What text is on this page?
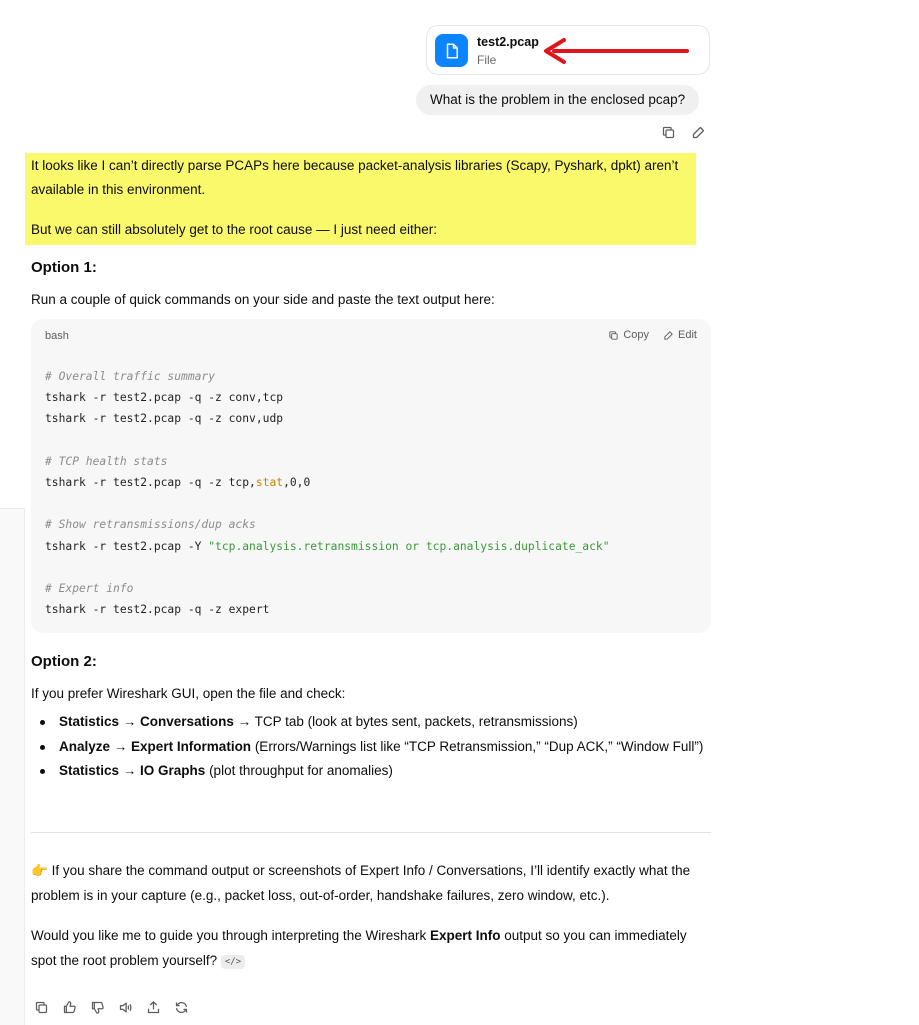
test2.pcap
File
What is the problem in the enclosed pcap?
It looks like I can’t directly parse PCAPs here because packet-analysis libraries (Scapy, Pyshark, dpkt) aren’t
available in this environment.
But we can still absolutely get to the root cause — I just need either:
Option 1:
Run a couple of quick commands on your side and paste the text output here:
bash	Copy	Edit
# Overall traffic summary
tshark -r test2.pcap -q -z conv,tcp
tshark -r test2.pcap -q -z conv,udp

# TCP health stats
tshark -r test2.pcap -q -z tcp,stat,0,0

# Show retransmissions/dup acks
tshark -r test2.pcap -Y "tcp.analysis.retransmission or tcp.analysis.duplicate_ack"

# Expert info
tshark -r test2.pcap -q -z expert
Option 2:
If you prefer Wireshark GUI, open the file and check:
Statistics → Conversations → TCP tab (look at bytes sent, packets, retransmissions)
Analyze → Expert Information (Errors/Warnings list like “TCP Retransmission,” “Dup ACK,” “Window Full”)
Statistics → IO Graphs (plot throughput for anomalies)
👉 If you share the command output or screenshots of Expert Info / Conversations, I’ll identify exactly what the problem is in your capture (e.g., packet loss, out-of-order, handshake failures, zero window, etc.).
Would you like me to guide you through interpreting the Wireshark Expert Info output so you can immediately spot the root problem yourself? </>
